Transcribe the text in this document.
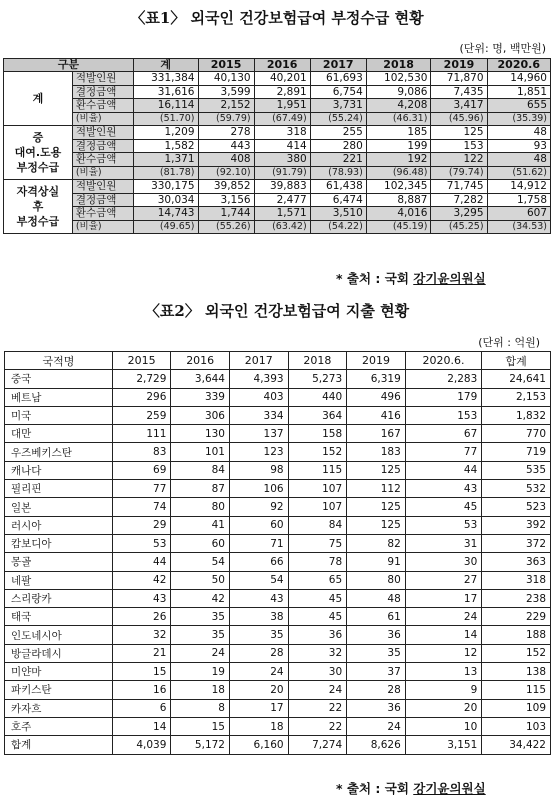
〈표1〉 외국인 건강보험급여 부정수급 현황
(단위: 명, 백만원)
구분		계	2015	2016	2017	2018	2019	2020.6
계	적발인원	331,384	40,130	40,201	61,693	102,530	71,870	14,960
	결정금액	31,616	3,599	2,891	6,754	9,086	7,435	1,851
	환수금액	16,114	2,152	1,951	3,731	4,208	3,417	655
	(비율)	(51.70)	(59.79)	(67.49)	(55.24)	(46.31)	(45.96)	(35.39)
증
대여.도용
부정수급	적발인원	1,209	278	318	255	185	125	48
	결정금액	1,582	443	414	280	199	153	93
	환수금액	1,371	408	380	221	192	122	48
	(비율)	(81.78)	(92.10)	(91.79)	(78.93)	(96.48)	(79.74)	(51.62)
자격상실
후
부정수급	적발인원	330,175	39,852	39,883	61,438	102,345	71,745	14,912
	결정금액	30,034	3,156	2,477	6,474	8,887	7,282	1,758
	환수금액	14,743	1,744	1,571	3,510	4,016	3,295	607
	(비율)	(49.65)	(55.26)	(63.42)	(54.22)	(45.19)	(45.25)	(34.53)
* 출처 : 국회 강기윤의원실
〈표2〉 외국인 건강보험급여 지출 현황
(단위 : 억원)
국적명	2015	2016	2017	2018	2019	2020.6.	합계
중국	2,729	3,644	4,393	5,273	6,319	2,283	24,641
베트남	296	339	403	440	496	179	2,153
미국	259	306	334	364	416	153	1,832
대만	111	130	137	158	167	67	770
우즈베키스탄	83	101	123	152	183	77	719
캐나다	69	84	98	115	125	44	535
필리핀	77	87	106	107	112	43	532
일본	74	80	92	107	125	45	523
러시아	29	41	60	84	125	53	392
캄보디아	53	60	71	75	82	31	372
몽골	44	54	66	78	91	30	363
네팔	42	50	54	65	80	27	318
스리랑카	43	42	43	45	48	17	238
태국	26	35	38	45	61	24	229
인도네시아	32	35	35	36	36	14	188
방글라데시	21	24	28	32	35	12	152
미얀마	15	19	24	30	37	13	138
파키스탄	16	18	20	24	28	9	115
카자흐	6	8	17	22	36	20	109
호주	14	15	18	22	24	10	103
합계	4,039	5,172	6,160	7,274	8,626	3,151	34,422
* 출처 : 국회 강기윤의원실
